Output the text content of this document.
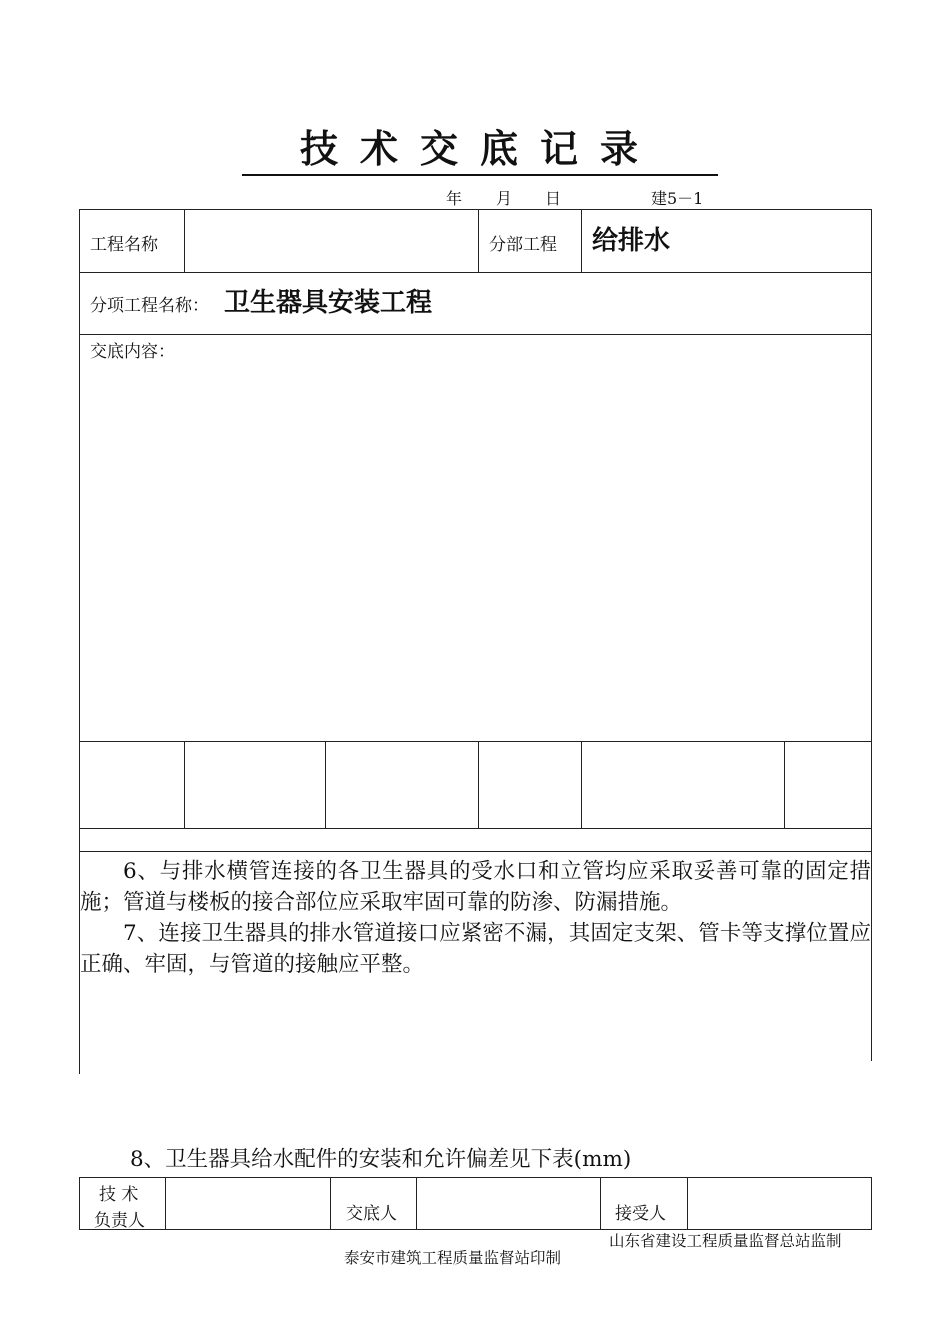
技术交底记录
年 月 日	建5－1
工程名称	分部工程 给排水
分项工程名称： 卫生器具安装工程
交底内容：
6、与排水横管连接的各卫生器具的受水口和立管均应采取妥善可靠的固定措施；管道与楼板的接合部位应采取牢固可靠的防渗、防漏措施。
7、连接卫生器具的排水管道接口应紧密不漏，其固定支架、管卡等支撑位置应正确、牢固，与管道的接触应平整。
8、卫生器具给水配件的安装和允许偏差见下表(mm)
技 术
负责人	交底人	接受人
山东省建设工程质量监督总站监制
泰安市建筑工程质量监督站印制
